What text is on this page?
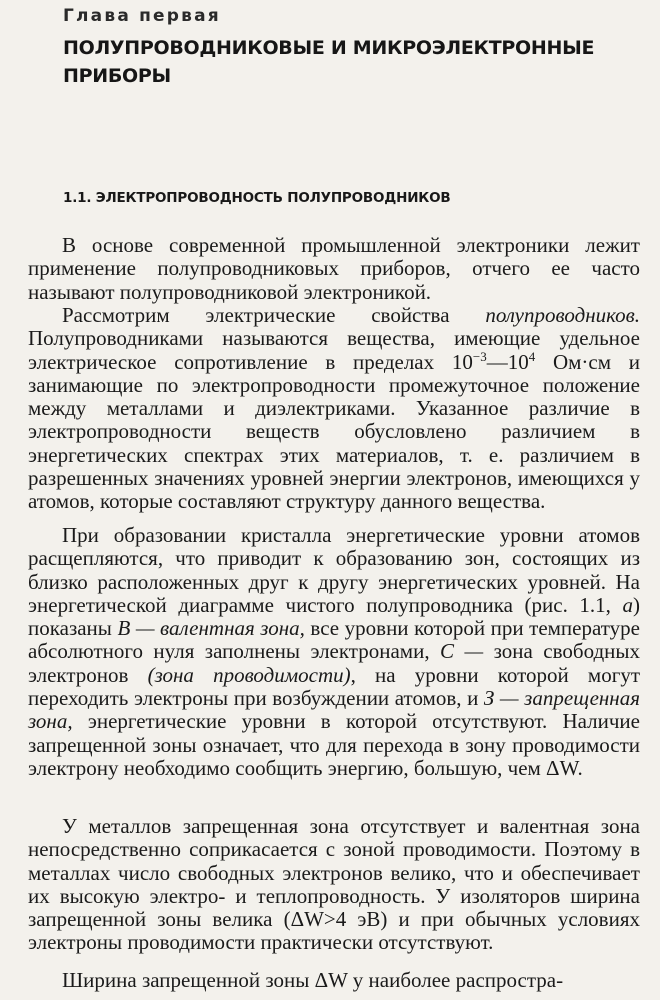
Глава первая
ПОЛУПРОВОДНИКОВЫЕ И МИКРОЭЛЕКТРОННЫЕ ПРИБОРЫ
1.1. ЭЛЕКТРОПРОВОДНОСТЬ ПОЛУПРОВОДНИКОВ

В основе современной промышленной электроники лежит применение полупроводниковых приборов, отчего ее часто называют полупроводниковой электроникой.

Рассмотрим электрические свойства полупроводников. Полупроводниками называются вещества, имеющие удельное электрическое сопротивление в пределах $10^{-3}—10^4$ Ом·см и занимающие по электропроводности промежуточное положение между металлами и диэлектриками. Указанное различие в электропроводности веществ обусловлено различием в энергетических спектрах этих материалов, т. е. различием в разрешенных значениях уровней энергии электронов, имеющихся у атомов, которые составляют структуру данного вещества.

При образовании кристалла энергетические уровни атомов расщепляются, что приводит к образованию зон, состоящих из близко расположенных друг к другу энергетических уровней. На энергетической диаграмме чистого полупроводника (рис. 1.1, а) показаны В — валентная зона, все уровни которой при температуре абсолютного нуля заполнены электронами, С — зона свободных электронов (зона проводимости), на уровни которой могут переходить электроны при возбуждении атомов, и З — запрещенная зона, энергетические уровни в которой отсутствуют. Наличие запрещенной зоны означает, что для перехода в зону проводимости электрону необходимо сообщить энергию, большую, чем ΔW.

У металлов запрещенная зона отсутствует и валентная зона непосредственно соприкасается с зоной проводимости. Поэтому в металлах число свободных электронов велико, что и обеспечивает их высокую электро- и теплопроводность. У изоляторов ширина запрещенной зоны велика (ΔW>4 эВ) и при обычных условиях электроны проводимости практически отсутствуют.

Ширина запрещенной зоны ΔW у наиболее распростра-
